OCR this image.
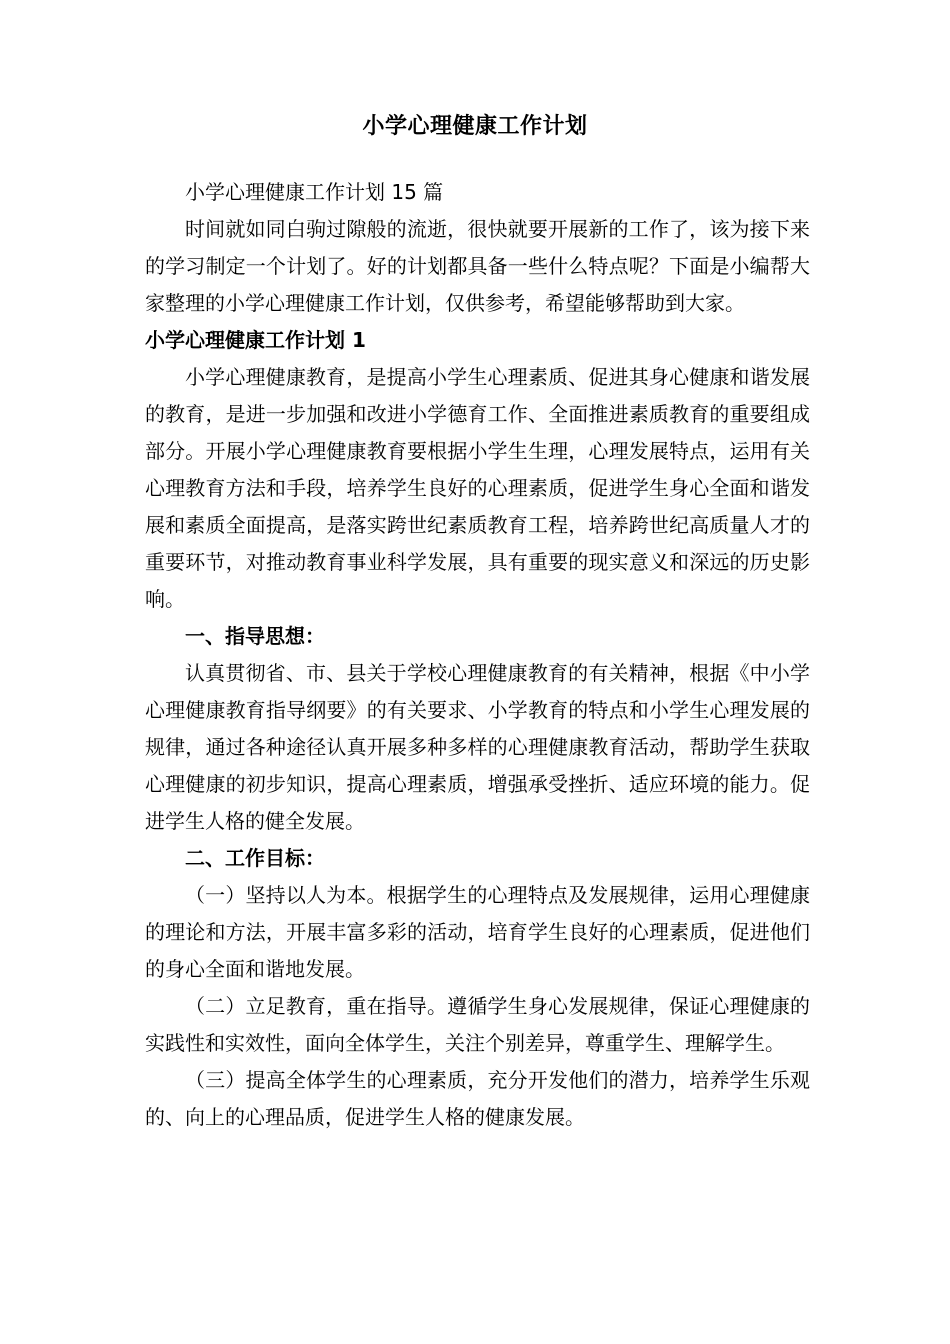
小学心理健康工作计划

小学心理健康工作计划 15 篇

时间就如同白驹过隙般的流逝，很快就要开展新的工作了，该为接下来的学习制定一个计划了。好的计划都具备一些什么特点呢？下面是小编帮大家整理的小学心理健康工作计划，仅供参考，希望能够帮助到大家。

小学心理健康工作计划 1

小学心理健康教育，是提高小学生心理素质、促进其身心健康和谐发展的教育，是进一步加强和改进小学德育工作、全面推进素质教育的重要组成部分。开展小学心理健康教育要根据小学生生理，心理发展特点，运用有关心理教育方法和手段，培养学生良好的心理素质，促进学生身心全面和谐发展和素质全面提高，是落实跨世纪素质教育工程，培养跨世纪高质量人才的重要环节，对推动教育事业科学发展，具有重要的现实意义和深远的历史影响。

一、指导思想：

认真贯彻省、市、县关于学校心理健康教育的有关精神，根据《中小学心理健康教育指导纲要》的有关要求、小学教育的特点和小学生心理发展的规律，通过各种途径认真开展多种多样的心理健康教育活动，帮助学生获取心理健康的初步知识，提高心理素质，增强承受挫折、适应环境的能力。促进学生人格的健全发展。

二、工作目标：

（一）坚持以人为本。根据学生的心理特点及发展规律，运用心理健康的理论和方法，开展丰富多彩的活动，培育学生良好的心理素质，促进他们的身心全面和谐地发展。

（二）立足教育，重在指导。遵循学生身心发展规律，保证心理健康的实践性和实效性，面向全体学生，关注个别差异，尊重学生、理解学生。

（三）提高全体学生的心理素质，充分开发他们的潜力，培养学生乐观的、向上的心理品质，促进学生人格的健康发展。
